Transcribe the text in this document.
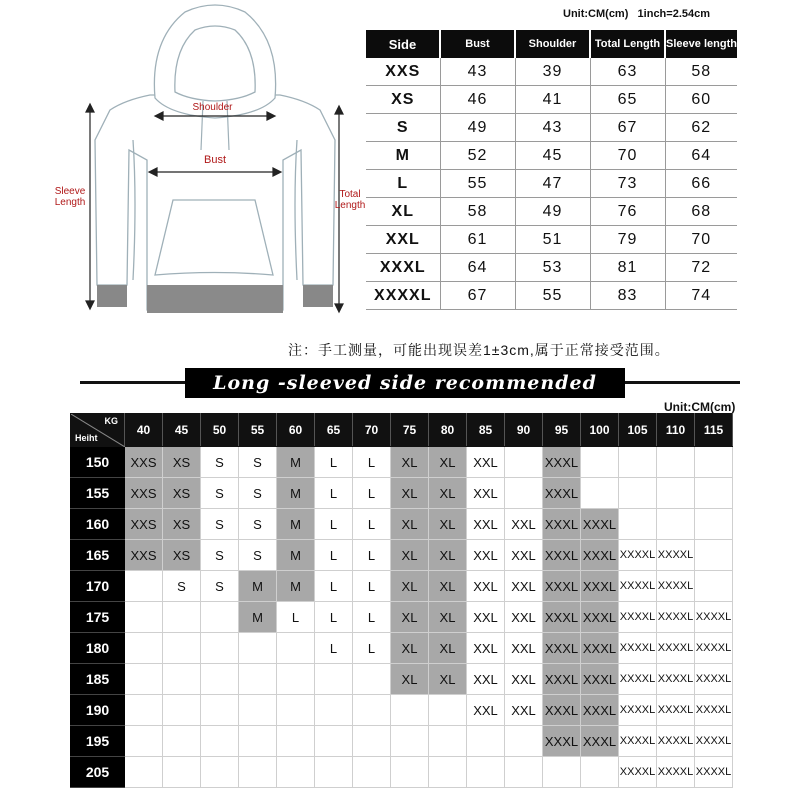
Shoulder
Bust
Sleeve Length
Total Length
Unit:CM(cm)   1inch=2.54cm
Side	Bust	Shoulder	Total Length	Sleeve length
XXS	43	39	63	58
XS	46	41	65	60
S	49	43	67	62
M	52	45	70	64
L	55	47	73	66
XL	58	49	76	68
XXL	61	51	79	70
XXXL	64	53	81	72
XXXXL	67	55	83	74
注：手工测量，可能出现误差1±3cm,属于正常接受范围。
Long -sleeved side recommended
Unit:CM(cm)
KG
Heiht	40	45	50	55	60	65	70	75	80	85	90	95	100	105	110	115
150	XXS	XS	S	S	M	L	L	XL	XL	XXL		XXXL				
155	XXS	XS	S	S	M	L	L	XL	XL	XXL		XXXL				
160	XXS	XS	S	S	M	L	L	XL	XL	XXL	XXL	XXXL	XXXL			
165	XXS	XS	S	S	M	L	L	XL	XL	XXL	XXL	XXXL	XXXL	XXXXL	XXXXL	
170		S	S	M	M	L	L	XL	XL	XXL	XXL	XXXL	XXXL	XXXXL	XXXXL	
175				M	L	L	L	XL	XL	XXL	XXL	XXXL	XXXL	XXXXL	XXXXL	XXXXL
180						L	L	XL	XL	XXL	XXL	XXXL	XXXL	XXXXL	XXXXL	XXXXL
185								XL	XL	XXL	XXL	XXXL	XXXL	XXXXL	XXXXL	XXXXL
190										XXL	XXL	XXXL	XXXL	XXXXL	XXXXL	XXXXL
195												XXXL	XXXL	XXXXL	XXXXL	XXXXL
205														XXXXL	XXXXL	XXXXL
